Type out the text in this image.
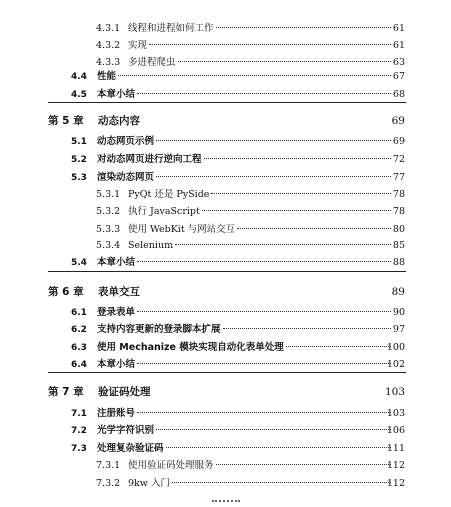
4.3.1 线程和进程如何工作	61
4.3.2 实现	61
4.3.3 多进程爬虫	63
4.4 性能	67
4.5 本章小结	68
第 5 章 动态内容	69
5.1 动态网页示例	69
5.2 对动态网页进行逆向工程	72
5.3 渲染动态网页	77
5.3.1 PyQt 还是 PySide	78
5.3.2 执行 JavaScript	78
5.3.3 使用 WebKit 与网站交互	80
5.3.4 Selenium	85
5.4 本章小结	88
第 6 章 表单交互	89
6.1 登录表单	90
6.2 支持内容更新的登录脚本扩展	97
6.3 使用 Mechanize 模块实现自动化表单处理	100
6.4 本章小结	102
第 7 章 验证码处理	103
7.1 注册账号	103
7.2 光学字符识别	106
7.3 处理复杂验证码	111
7.3.1 使用验证码处理服务	112
7.3.2 9kw 入门	112
